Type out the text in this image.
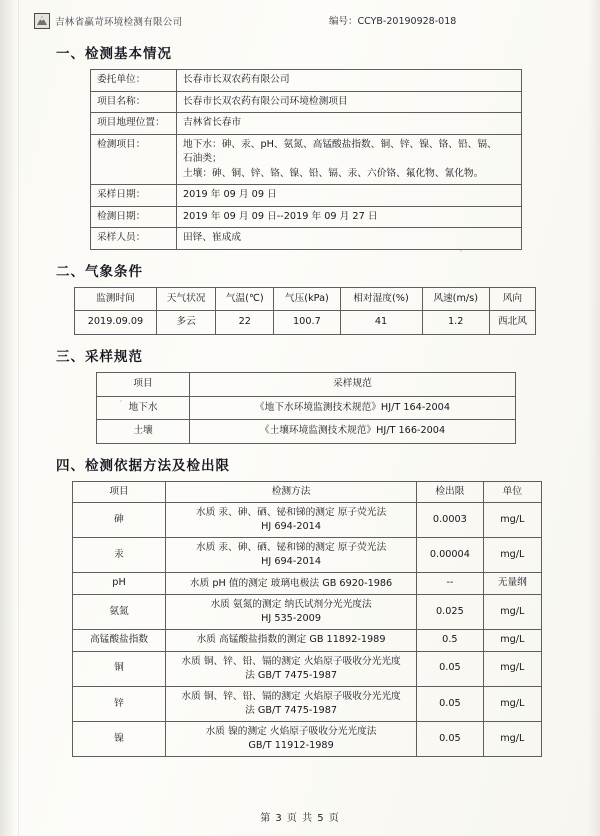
吉林省赢苛环境检测有限公司	编号：CCYB-20190928-018
一、检测基本情况
委托单位：	长春市长双农药有限公司
项目名称：	长春市长双农药有限公司环境检测项目
项目地理位置：	吉林省长春市
检测项目：	地下水：砷、汞、pH、氨氮、高锰酸盐指数、铜、锌、镍、铬、铅、镉、
石油类；
土壤：砷、铜、锌、铬、镍、铅、镉、汞、六价铬、氟化物、氰化物。

采样日期：	2019 年 09 月 09 日
检测日期：	2019 年 09 月 09 日--2019 年 09 月 27 日
采样人员：	田铎、崔成成
二、气象条件
监测时间	天气状况	气温(℃)	气压(kPa)	相对湿度(%)	风速(m/s)	风向
2019.09.09	多云	22	100.7	41	1.2	西北风
三、采样规范
项目	采样规范
地下水	《地下水环境监测技术规范》HJ/T 164-2004
土壤	《土壤环境监测技术规范》HJ/T 166-2004
四、检测依据方法及检出限
项目	检测方法	检出限	单位
砷	水质 汞、砷、硒、铋和锑的测定 原子荧光法
HJ 694-2014	0.0003	mg/L
汞	水质 汞、砷、硒、铋和锑的测定 原子荧光法
HJ 694-2014	0.00004	mg/L
pH	水质 pH 值的测定 玻璃电极法 GB 6920-1986	--	无量纲
氨氮	水质 氨氮的测定 纳氏试剂分光光度法
HJ 535-2009	0.025	mg/L
高锰酸盐指数	水质 高锰酸盐指数的测定 GB 11892-1989	0.5	mg/L
铜	水质 铜、锌、铅、镉的测定 火焰原子吸收分光光度
法 GB/T 7475-1987	0.05	mg/L
锌	水质 铜、锌、铅、镉的测定 火焰原子吸收分光光度
法 GB/T 7475-1987	0.05	mg/L
镍	水质 镍的测定 火焰原子吸收分光光度法
GB/T 11912-1989	0.05	mg/L
第 3 页 共 5 页
